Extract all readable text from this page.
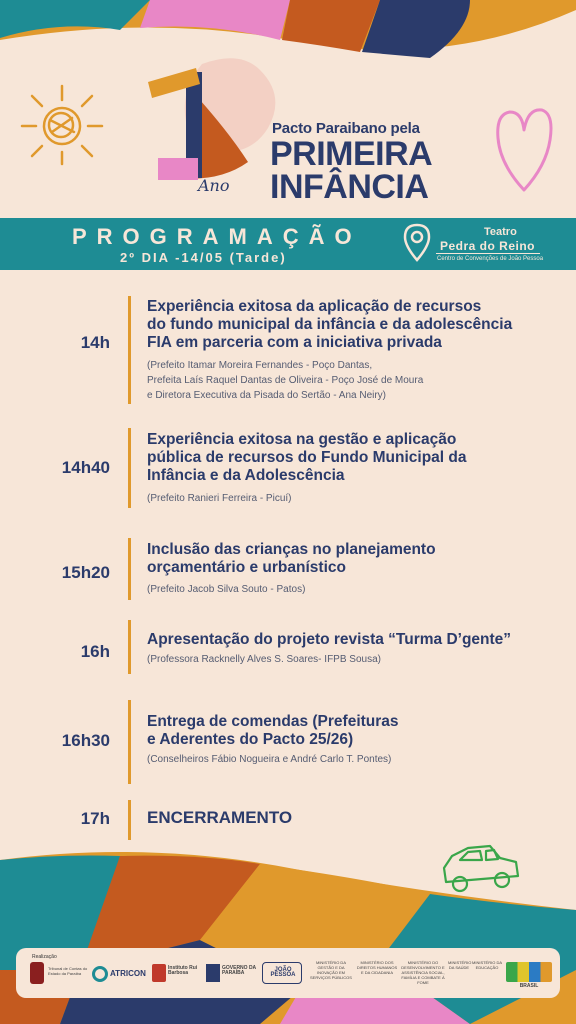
Ano
Pacto Paraibano pela
PRIMEIRA
INFÂNCIA
PROGRAMAÇÃO
2º DIA -14/05 (Tarde)
Teatro
Pedra do Reino
Centro de Convenções de João Pessoa
14h
Experiência exitosa da aplicação de recursos
do fundo municipal da infância e da adolescência
FIA em parceria com a iniciativa privada
(Prefeito Itamar Moreira Fernandes - Poço Dantas,
Prefeita Laís Raquel Dantas de Oliveira - Poço José de Moura
e Diretora Executiva da Pisada do Sertão - Ana Neiry)
14h40
Experiência exitosa na gestão e aplicação
pública de recursos do Fundo Municipal da
Infância e da Adolescência
(Prefeito Ranieri Ferreira - Picuí)
15h20
Inclusão das crianças no planejamento
orçamentário e urbanístico
(Prefeito Jacob Silva Souto - Patos)
16h
Apresentação do projeto revista “Turma D’gente”
(Professora Racknelly Alves S. Soares- IFPB Sousa)
16h30
Entrega de comendas (Prefeituras
e Aderentes do Pacto 25/26)
(Conselheiros Fábio Nogueira e André Carlo T. Pontes)
17h ENCERRAMENTO
Realização
Tribunal de Contas do Estado da Paraíba	ATRICON
Instituto Rui Barbosa
GOVERNO DA PARAÍBA	JOÃO PESSOA
MINISTÉRIO DA GESTÃO E DA INOVAÇÃO EM SERVIÇOS PÚBLICOS
MINISTÉRIO DOS DIREITOS HUMANOS E DA CIDADANIA
MINISTÉRIO DO DESENVOLVIMENTO E ASSISTÊNCIA SOCIAL, FAMÍLIA E COMBATE À FOME
MINISTÉRIO DA SAÚDE
MINISTÉRIO DA EDUCAÇÃO
BRASIL
